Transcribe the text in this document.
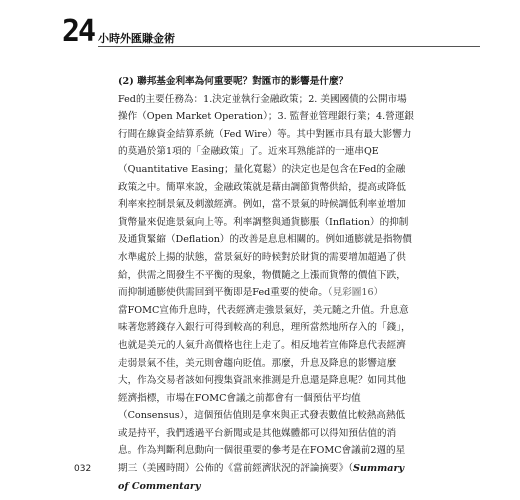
24 小時外匯賺金術

(2) 聯邦基金利率為何重要呢？對匯市的影響是什麼？

Fed的主要任務為：1.決定並執行金融政策；2. 美國國債的公開市場操作（Open Market Operation）；3. 監督並管理銀行業；4.營運銀行間在線資金結算系統（Fed Wire）等。其中對匯市具有最大影響力的莫過於第1項的「金融政策」了。近來耳熟能詳的一連串QE（Quantitative Easing；量化寬鬆）的決定也是包含在Fed的金融政策之中。簡單來說，金融政策就是藉由調節貨幣供給，提高或降低利率來控制景氣及刺激經濟。例如，當不景氣的時候調低利率並增加貨幣量來促進景氣向上等。利率調整與通貨膨脹（Inflation）的抑制及通貨緊縮（Deflation）的改善是息息相關的。例如通膨就是指物價水準處於上揚的狀態，當景氣好的時候對於財貨的需要增加超過了供給，供需之間發生不平衡的現象，物價隨之上漲而貨幣的價值下跌，而抑制通膨使供需回到平衡即是Fed重要的使命。（見彩圖16）

當FOMC宣佈升息時，代表經濟走強景氣好，美元隨之升值。升息意味著您將錢存入銀行可得到較高的利息，理所當然地所存入的「錢」，也就是美元的人氣升高價格也往上走了。相反地若宣佈降息代表經濟走弱景氣不佳，美元則會趨向貶值。那麼，升息及降息的影響這麼大，作為交易者該如何搜集資訊來推測是升息還是降息呢？如同其他經濟指標，市場在FOMC會議之前都會有一個預估平均值（Consensus），這個預估值則是拿來與正式發表數值比較熱高熱低或是持平，我們透過平台新聞或是其他媒體都可以得知預估值的消息。作為判斷利息動向一個很重要的參考是在FOMC會議前2週的星期三（美國時間）公佈的《當前經濟狀況的評論摘要》（Summary of Commentary

032
